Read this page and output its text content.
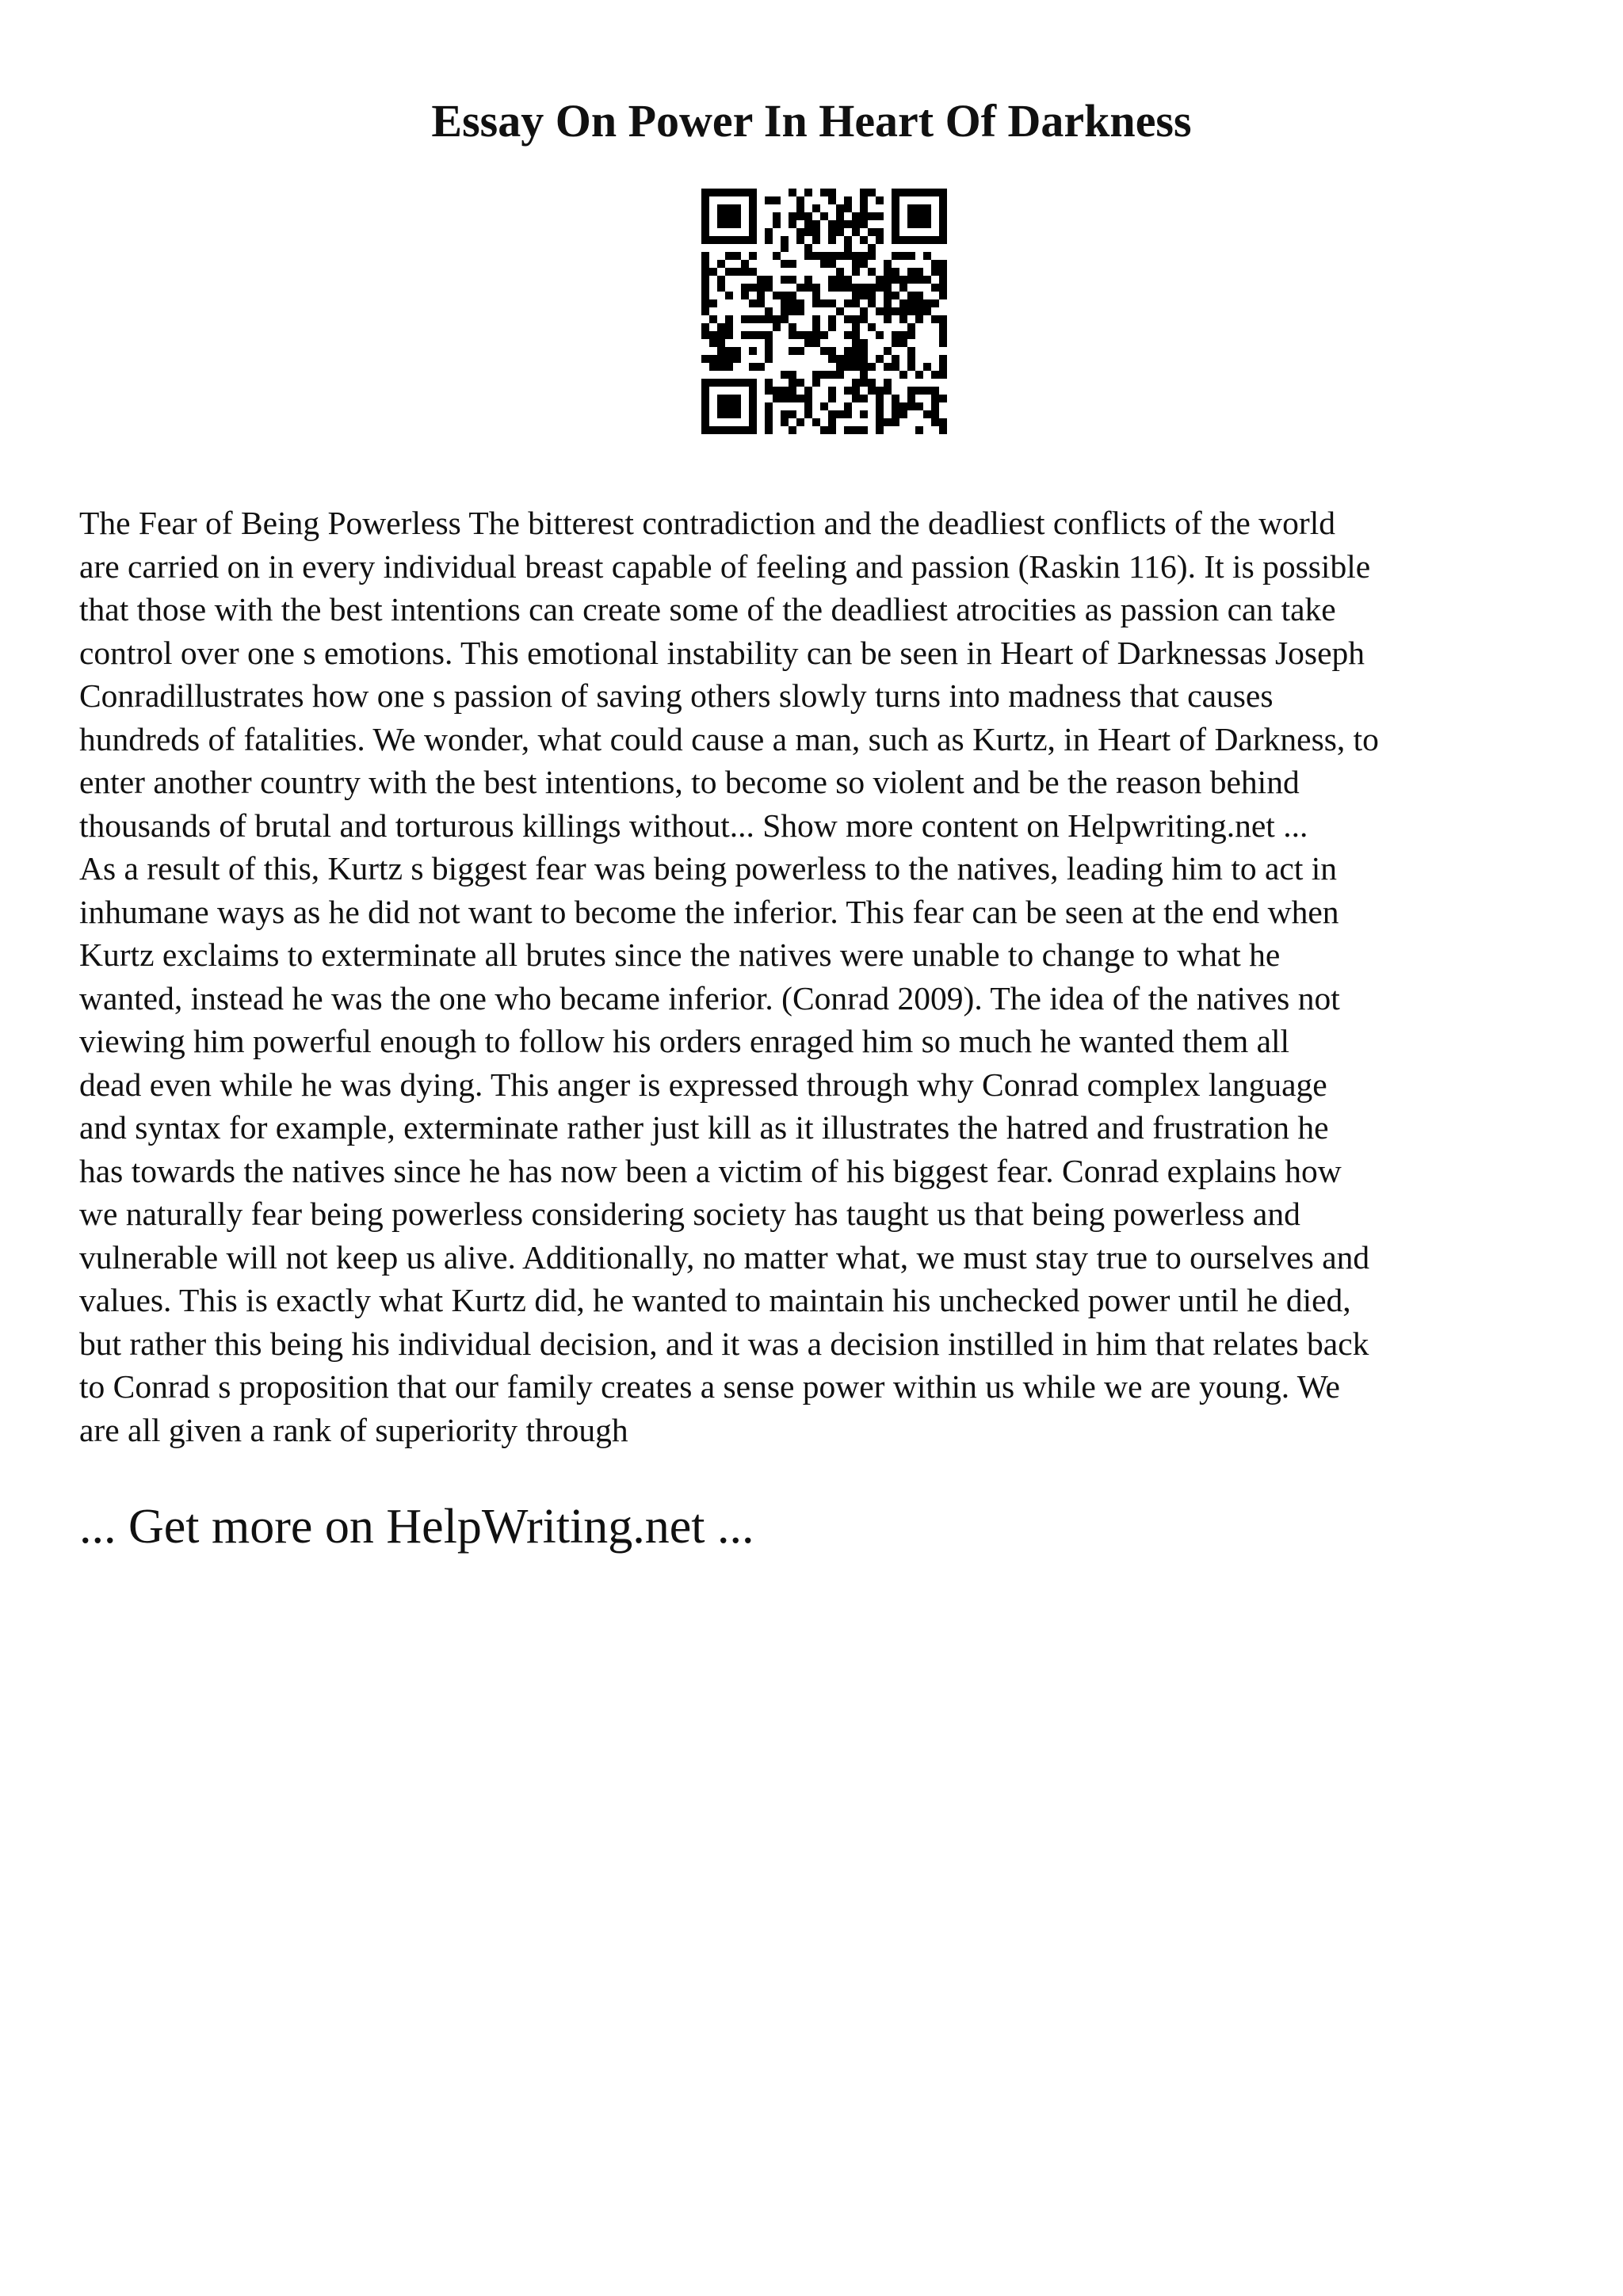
Essay On Power In Heart Of Darkness
The Fear of Being Powerless The bitterest contradiction and the deadliest conflicts of the world
are carried on in every individual breast capable of feeling and passion (Raskin 116). It is possible
that those with the best intentions can create some of the deadliest atrocities as passion can take
control over one s emotions. This emotional instability can be seen in Heart of Darknessas Joseph
Conradillustrates how one s passion of saving others slowly turns into madness that causes
hundreds of fatalities. We wonder, what could cause a man, such as Kurtz, in Heart of Darkness, to
enter another country with the best intentions, to become so violent and be the reason behind
thousands of brutal and torturous killings without... Show more content on Helpwriting.net ...
As a result of this, Kurtz s biggest fear was being powerless to the natives, leading him to act in
inhumane ways as he did not want to become the inferior. This fear can be seen at the end when
Kurtz exclaims to exterminate all brutes since the natives were unable to change to what he
wanted, instead he was the one who became inferior. (Conrad 2009). The idea of the natives not
viewing him powerful enough to follow his orders enraged him so much he wanted them all
dead even while he was dying. This anger is expressed through why Conrad complex language
and syntax for example, exterminate rather just kill as it illustrates the hatred and frustration he
has towards the natives since he has now been a victim of his biggest fear. Conrad explains how
we naturally fear being powerless considering society has taught us that being powerless and
vulnerable will not keep us alive. Additionally, no matter what, we must stay true to ourselves and
values. This is exactly what Kurtz did, he wanted to maintain his unchecked power until he died,
but rather this being his individual decision, and it was a decision instilled in him that relates back
to Conrad s proposition that our family creates a sense power within us while we are young. We
are all given a rank of superiority through

... Get more on HelpWriting.net ...
